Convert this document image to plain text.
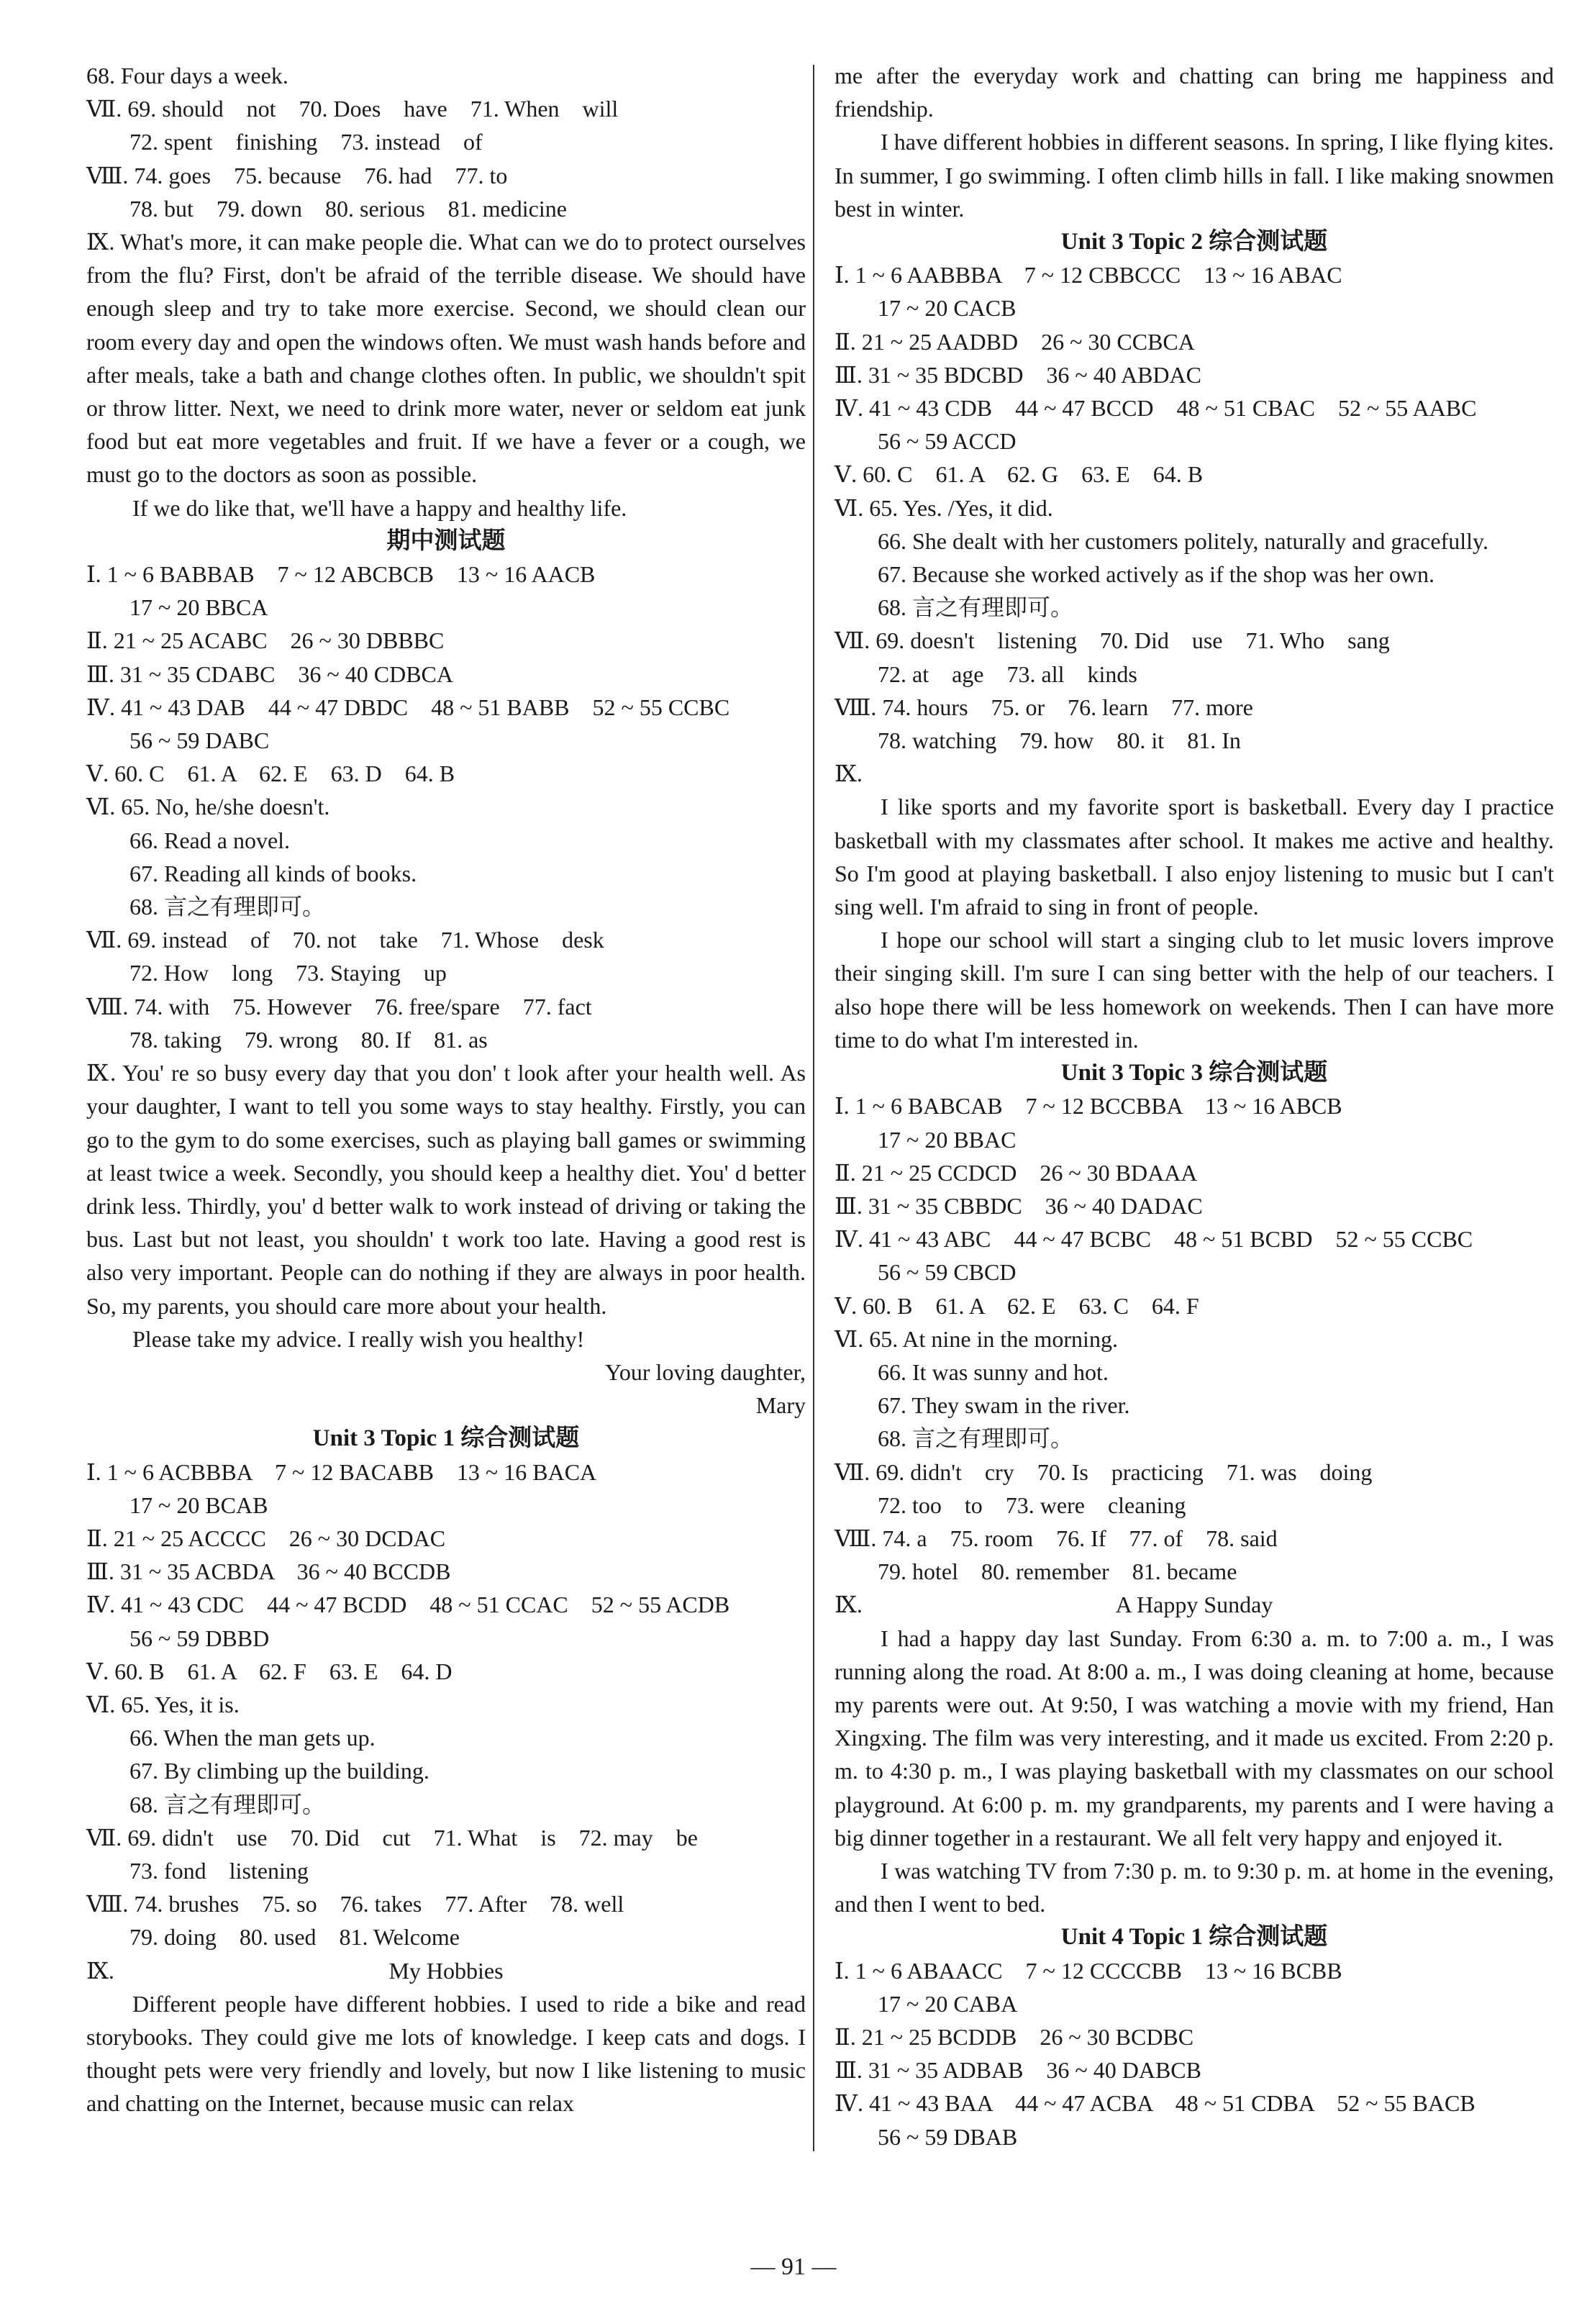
68. Four days a week.
Ⅶ. 69. should    not    70. Does    have    71. When    will
72. spent    finishing    73. instead    of
Ⅷ. 74. goes    75. because    76. had    77. to
78. but    79. down    80. serious    81. medicine
Ⅸ. What's more, it can make people die. What can we do to protect ourselves from the flu? First, don't be afraid of the terrible disease. We should have enough sleep and try to take more exercise. Second, we should clean our room every day and open the windows often. We must wash hands before and after meals, take a bath and change clothes often. In public, we shouldn't spit or throw litter. Next, we need to drink more water, never or seldom eat junk food but eat more vegetables and fruit. If we have a fever or a cough, we must go to the doctors as soon as possible.
If we do like that, we'll have a happy and healthy life.
期中测试题
Ⅰ. 1 ~ 6 BABBAB    7 ~ 12 ABCBCB    13 ~ 16 AACB
17 ~ 20 BBCA
Ⅱ. 21 ~ 25 ACABC    26 ~ 30 DBBBC
Ⅲ. 31 ~ 35 CDABC    36 ~ 40 CDBCA
Ⅳ. 41 ~ 43 DAB    44 ~ 47 DBDC    48 ~ 51 BABB    52 ~ 55 CCBC
56 ~ 59 DABC
Ⅴ. 60. C    61. A    62. E    63. D    64. B
Ⅵ. 65. No, he/she doesn't.
66. Read a novel.
67. Reading all kinds of books.
68. 言之有理即可。
Ⅶ. 69. instead    of    70. not    take    71. Whose    desk
72. How    long    73. Staying    up
Ⅷ. 74. with    75. However    76. free/spare    77. fact
78. taking    79. wrong    80. If    81. as
Ⅸ. You' re so busy every day that you don' t look after your health well. As your daughter, I want to tell you some ways to stay healthy. Firstly, you can go to the gym to do some exercises, such as playing ball games or swimming at least twice a week. Secondly, you should keep a healthy diet. You' d better drink less. Thirdly, you' d better walk to work instead of driving or taking the bus. Last but not least, you shouldn' t work too late. Having a good rest is also very important. People can do nothing if they are always in poor health. So, my parents, you should care more about your health.
Please take my advice. I really wish you healthy!
Your loving daughter,
Mary
Unit 3 Topic 1 综合测试题
Ⅰ. 1 ~ 6 ACBBBA    7 ~ 12 BACABB    13 ~ 16 BACA
17 ~ 20 BCAB
Ⅱ. 21 ~ 25 ACCCC    26 ~ 30 DCDAC
Ⅲ. 31 ~ 35 ACBDA    36 ~ 40 BCCDB
Ⅳ. 41 ~ 43 CDC    44 ~ 47 BCDD    48 ~ 51 CCAC    52 ~ 55 ACDB
56 ~ 59 DBBD
Ⅴ. 60. B    61. A    62. F    63. E    64. D
Ⅵ. 65. Yes, it is.
66. When the man gets up.
67. By climbing up the building.
68. 言之有理即可。
Ⅶ. 69. didn't    use    70. Did    cut    71. What    is    72. may    be
73. fond    listening
Ⅷ. 74. brushes    75. so    76. takes    77. After    78. well
79. doing    80. used    81. Welcome
Ⅸ.	My Hobbies
Different people have different hobbies. I used to ride a bike and read storybooks. They could give me lots of knowledge. I keep cats and dogs. I thought pets were very friendly and lovely, but now I like listening to music and chatting on the Internet, because music can relax
me after the everyday work and chatting can bring me happiness and friendship.
I have different hobbies in different seasons. In spring, I like flying kites. In summer, I go swimming. I often climb hills in fall. I like making snowmen best in winter.
Unit 3 Topic 2 综合测试题
Ⅰ. 1 ~ 6 AABBBA    7 ~ 12 CBBCCC    13 ~ 16 ABAC
17 ~ 20 CACB
Ⅱ. 21 ~ 25 AADBD    26 ~ 30 CCBCA
Ⅲ. 31 ~ 35 BDCBD    36 ~ 40 ABDAC
Ⅳ. 41 ~ 43 CDB    44 ~ 47 BCCD    48 ~ 51 CBAC    52 ~ 55 AABC
56 ~ 59 ACCD
Ⅴ. 60. C    61. A    62. G    63. E    64. B
Ⅵ. 65. Yes. /Yes, it did.
66. She dealt with her customers politely, naturally and gracefully.
67. Because she worked actively as if the shop was her own.
68. 言之有理即可。
Ⅶ. 69. doesn't    listening    70. Did    use    71. Who    sang
72. at    age    73. all    kinds
Ⅷ. 74. hours    75. or    76. learn    77. more
78. watching    79. how    80. it    81. In
Ⅸ.
I like sports and my favorite sport is basketball. Every day I practice basketball with my classmates after school. It makes me active and healthy. So I'm good at playing basketball. I also enjoy listening to music but I can't sing well. I'm afraid to sing in front of people.
I hope our school will start a singing club to let music lovers improve their singing skill. I'm sure I can sing better with the help of our teachers. I also hope there will be less homework on weekends. Then I can have more time to do what I'm interested in.
Unit 3 Topic 3 综合测试题
Ⅰ. 1 ~ 6 BABCAB    7 ~ 12 BCCBBA    13 ~ 16 ABCB
17 ~ 20 BBAC
Ⅱ. 21 ~ 25 CCDCD    26 ~ 30 BDAAA
Ⅲ. 31 ~ 35 CBBDC    36 ~ 40 DADAC
Ⅳ. 41 ~ 43 ABC    44 ~ 47 BCBC    48 ~ 51 BCBD    52 ~ 55 CCBC
56 ~ 59 CBCD
Ⅴ. 60. B    61. A    62. E    63. C    64. F
Ⅵ. 65. At nine in the morning.
66. It was sunny and hot.
67. They swam in the river.
68. 言之有理即可。
Ⅶ. 69. didn't    cry    70. Is    practicing    71. was    doing
72. too    to    73. were    cleaning
Ⅷ. 74. a    75. room    76. If    77. of    78. said
79. hotel    80. remember    81. became
Ⅸ.	A Happy Sunday
I had a happy day last Sunday. From 6:30 a. m. to 7:00 a. m., I was running along the road. At 8:00 a. m., I was doing cleaning at home, because my parents were out. At 9:50, I was watching a movie with my friend, Han Xingxing. The film was very interesting, and it made us excited. From 2:20 p. m. to 4:30 p. m., I was playing basketball with my classmates on our school playground. At 6:00 p. m. my grandparents, my parents and I were having a big dinner together in a restaurant. We all felt very happy and enjoyed it.
I was watching TV from 7:30 p. m. to 9:30 p. m. at home in the evening, and then I went to bed.
Unit 4 Topic 1 综合测试题
Ⅰ. 1 ~ 6 ABAACC    7 ~ 12 CCCCBB    13 ~ 16 BCBB
17 ~ 20 CABA
Ⅱ. 21 ~ 25 BCDDB    26 ~ 30 BCDBC
Ⅲ. 31 ~ 35 ADBAB    36 ~ 40 DABCB
Ⅳ. 41 ~ 43 BAA    44 ~ 47 ACBA    48 ~ 51 CDBA    52 ~ 55 BACB
56 ~ 59 DBAB
— 91 —
